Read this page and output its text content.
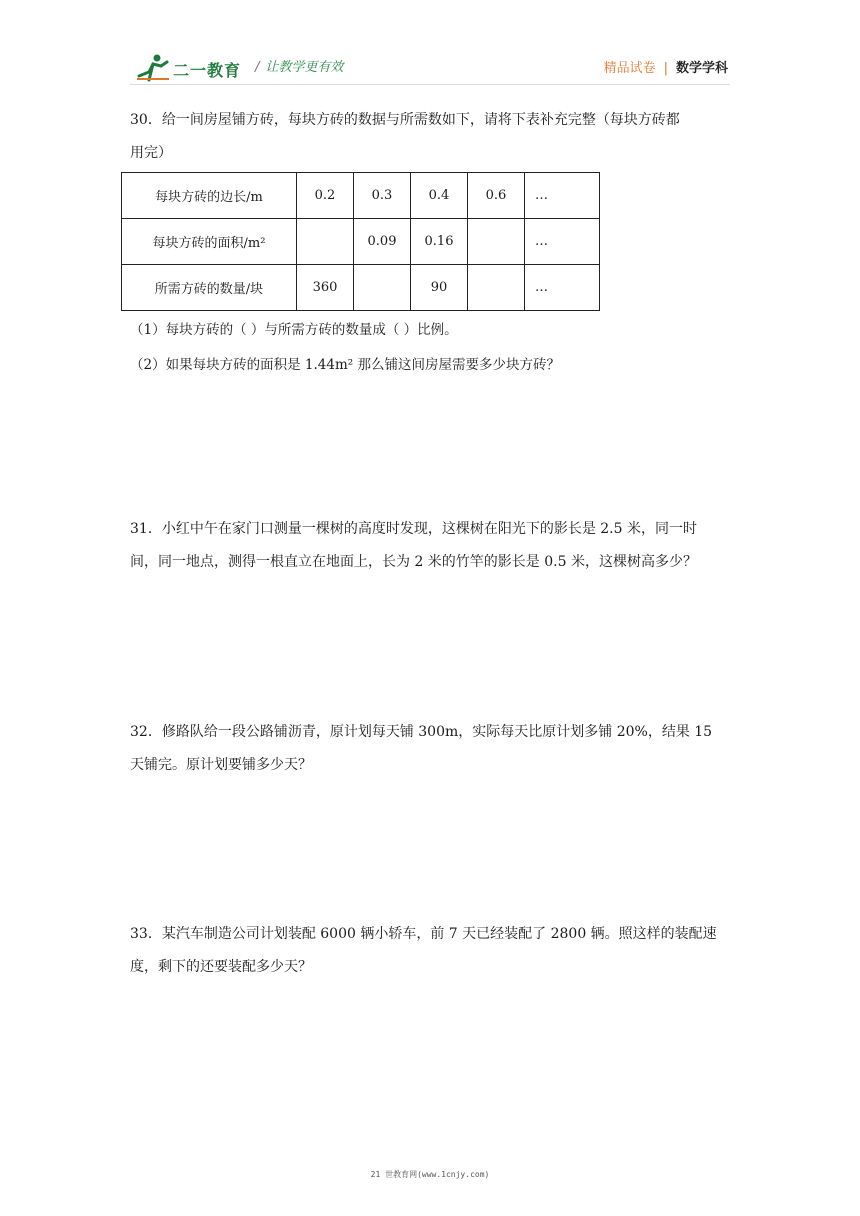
二一教育 / 让教学更有效	精品试卷 | 数学学科
30．给一间房屋铺方砖，每块方砖的数据与所需数如下，请将下表补充完整（每块方砖都
用完）
每块方砖的边长/m	0.2	0.3	0.4	0.6	…
每块方砖的面积/m²		0.09	0.16		…
所需方砖的数量/块	360		90		…
（1）每块方砖的（ ）与所需方砖的数量成（ ）比例。
（2）如果每块方砖的面积是 1.44m² 那么铺这间房屋需要多少块方砖？
31．小红中午在家门口测量一棵树的高度时发现，这棵树在阳光下的影长是 2.5 米，同一时
间，同一地点，测得一根直立在地面上，长为 2 米的竹竿的影长是 0.5 米，这棵树高多少？
32．修路队给一段公路铺沥青，原计划每天铺 300m，实际每天比原计划多铺 20%，结果 15
天铺完。原计划要铺多少天？
33．某汽车制造公司计划装配 6000 辆小轿车，前 7 天已经装配了 2800 辆。照这样的装配速
度，剩下的还要装配多少天？
21 世教育网(www.1cnjy.com)
